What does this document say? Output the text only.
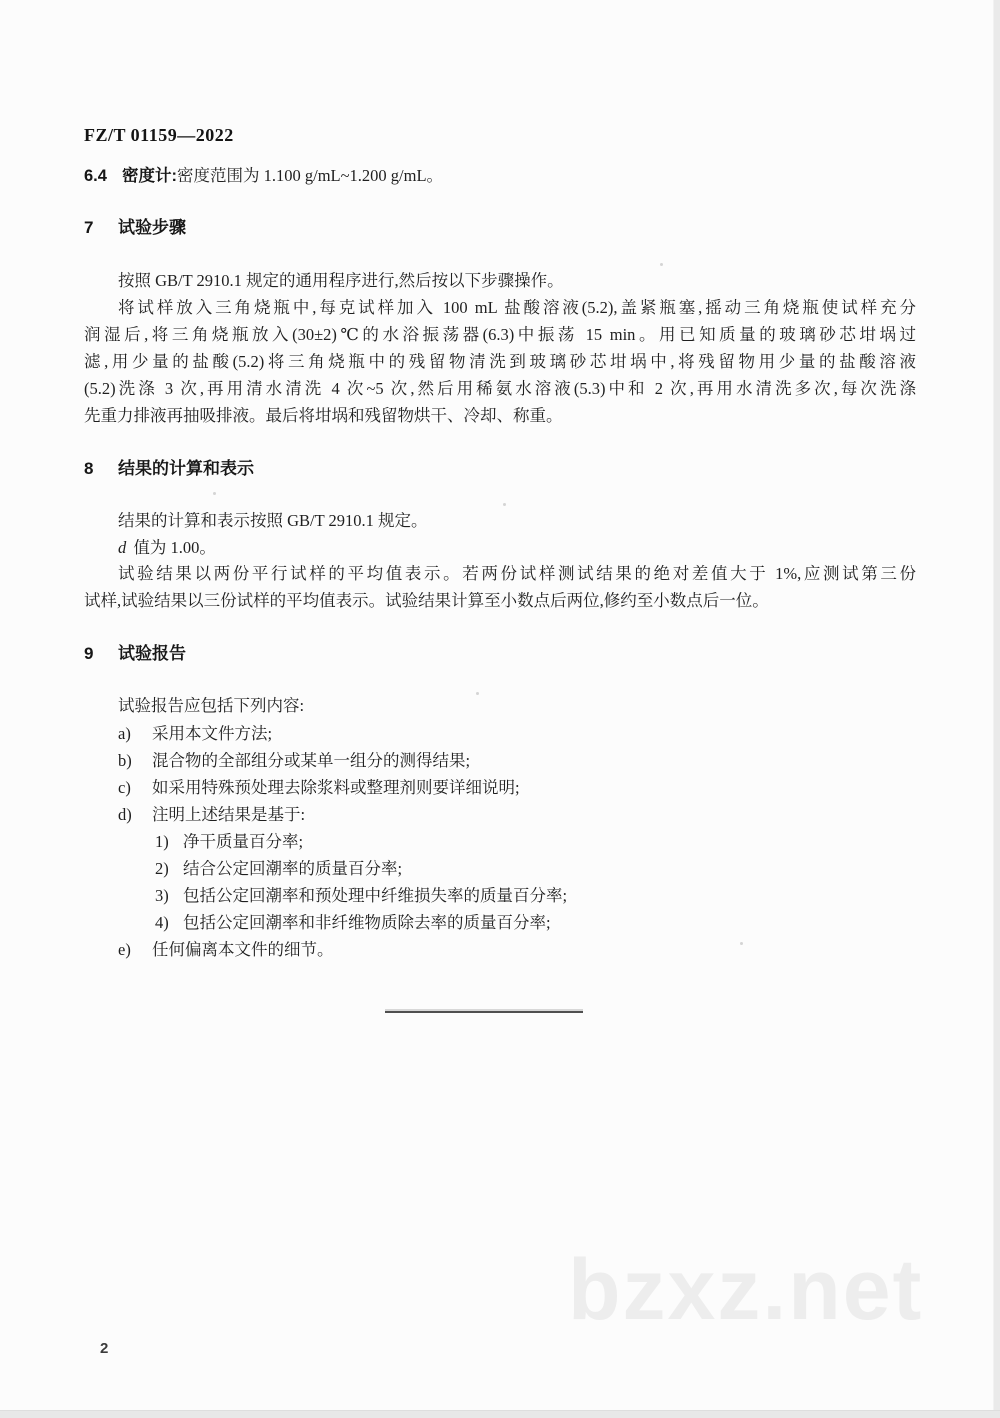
FZ/T 01159—2022
6.4 密度计:密度范围为 1.100 g/mL~1.200 g/mL。
7 试验步骤
按照 GB/T 2910.1 规定的通用程序进行,然后按以下步骤操作。
将试样放入三角烧瓶中,每克试样加入 100 mL 盐酸溶液(5.2),盖紧瓶塞,摇动三角烧瓶使试样充分
润湿后,将三角烧瓶放入(30±2)℃的水浴振荡器(6.3)中振荡 15 min。用已知质量的玻璃砂芯坩埚过
滤,用少量的盐酸(5.2)将三角烧瓶中的残留物清洗到玻璃砂芯坩埚中,将残留物用少量的盐酸溶液
(5.2)洗涤 3 次,再用清水清洗 4 次~5 次,然后用稀氨水溶液(5.3)中和 2 次,再用水清洗多次,每次洗涤
先重力排液再抽吸排液。最后将坩埚和残留物烘干、冷却、称重。
8 结果的计算和表示
结果的计算和表示按照 GB/T 2910.1 规定。
d 值为 1.00。
试验结果以两份平行试样的平均值表示。若两份试样测试结果的绝对差值大于 1%,应测试第三份
试样,试验结果以三份试样的平均值表示。试验结果计算至小数点后两位,修约至小数点后一位。
9 试验报告
试验报告应包括下列内容:
a)	采用本文件方法;
b)	混合物的全部组分或某单一组分的测得结果;
c)	如采用特殊预处理去除浆料或整理剂则要详细说明;
d)	注明上述结果是基于:
1) 净干质量百分率;
2) 结合公定回潮率的质量百分率;
3) 包括公定回潮率和预处理中纤维损失率的质量百分率;
4) 包括公定回潮率和非纤维物质除去率的质量百分率;
e)	任何偏离本文件的细节。
bzxz.net
2
